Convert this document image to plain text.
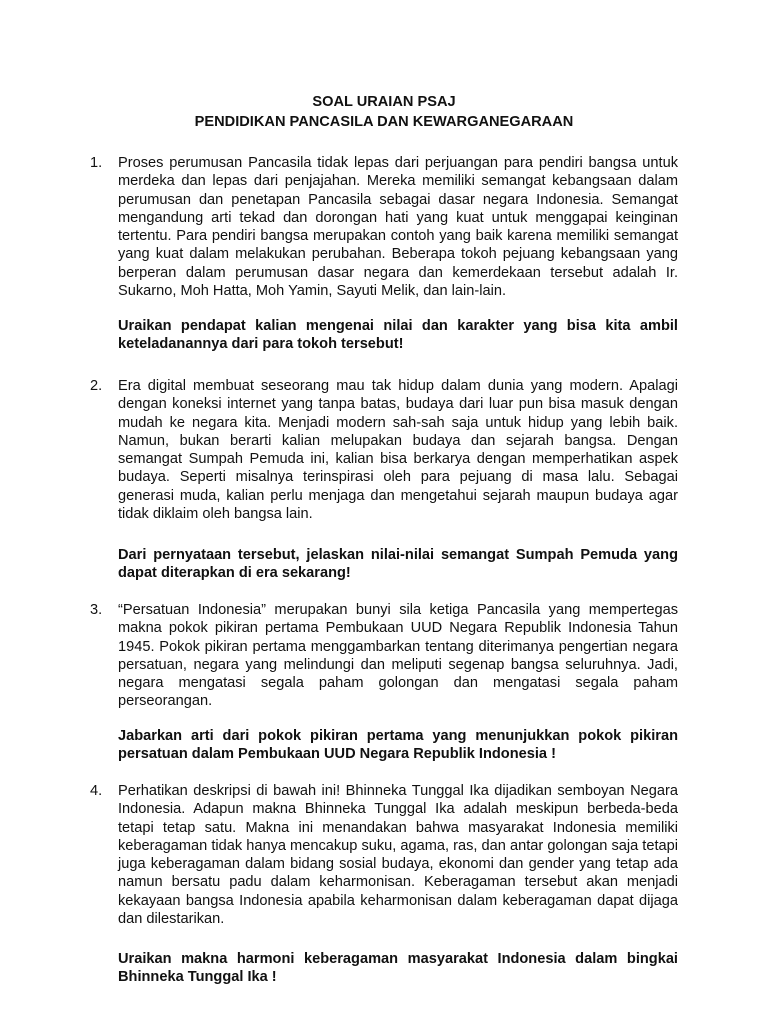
SOAL URAIAN PSAJ
PENDIDIKAN PANCASILA DAN KEWARGANEGARAAN
1.	Proses perumusan Pancasila tidak lepas dari perjuangan para pendiri bangsa untuk merdeka dan lepas dari penjajahan. Mereka memiliki semangat kebangsaan dalam perumusan dan penetapan Pancasila sebagai dasar negara Indonesia. Semangat mengandung arti tekad dan dorongan hati yang kuat untuk menggapai keinginan tertentu. Para pendiri bangsa merupakan contoh yang baik karena memiliki semangat yang kuat dalam melakukan perubahan. Beberapa tokoh pejuang kebangsaan yang berperan dalam perumusan dasar negara dan kemerdekaan tersebut adalah Ir. Sukarno, Moh Hatta, Moh Yamin, Sayuti Melik, dan lain-lain.
Uraikan pendapat kalian mengenai nilai dan karakter yang bisa kita ambil keteladanannya dari para tokoh tersebut!
2.	Era digital membuat seseorang mau tak hidup dalam dunia yang modern. Apalagi dengan koneksi internet yang tanpa batas, budaya dari luar pun bisa masuk dengan mudah ke negara kita. Menjadi modern sah-sah saja untuk hidup yang lebih baik. Namun, bukan berarti kalian melupakan budaya dan sejarah bangsa. Dengan semangat Sumpah Pemuda ini, kalian bisa berkarya dengan memperhatikan aspek budaya. Seperti misalnya terinspirasi oleh para pejuang di masa lalu. Sebagai generasi muda, kalian perlu menjaga dan mengetahui sejarah maupun budaya agar tidak diklaim oleh bangsa lain.
Dari pernyataan tersebut, jelaskan nilai-nilai semangat Sumpah Pemuda yang dapat diterapkan di era sekarang!
3.	“Persatuan Indonesia” merupakan bunyi sila ketiga Pancasila yang mempertegas makna pokok pikiran pertama Pembukaan UUD Negara Republik Indonesia Tahun 1945. Pokok pikiran pertama menggambarkan tentang diterimanya pengertian negara persatuan, negara yang melindungi dan meliputi segenap bangsa seluruhnya. Jadi, negara mengatasi segala paham golongan dan mengatasi segala paham perseorangan.
Jabarkan arti dari pokok pikiran pertama yang menunjukkan pokok pikiran persatuan dalam Pembukaan UUD Negara Republik Indonesia !
4.	Perhatikan deskripsi di bawah ini! Bhinneka Tunggal Ika dijadikan semboyan Negara Indonesia. Adapun makna Bhinneka Tunggal Ika adalah meskipun berbeda-beda tetapi tetap satu. Makna ini menandakan bahwa masyarakat Indonesia memiliki keberagaman tidak hanya mencakup suku, agama, ras, dan antar golongan saja tetapi juga keberagaman dalam bidang sosial budaya, ekonomi dan gender yang tetap ada namun bersatu padu dalam keharmonisan. Keberagaman tersebut akan menjadi kekayaan bangsa Indonesia apabila keharmonisan dalam keberagaman dapat dijaga dan dilestarikan.
Uraikan makna harmoni keberagaman masyarakat Indonesia dalam bingkai Bhinneka Tunggal Ika !
